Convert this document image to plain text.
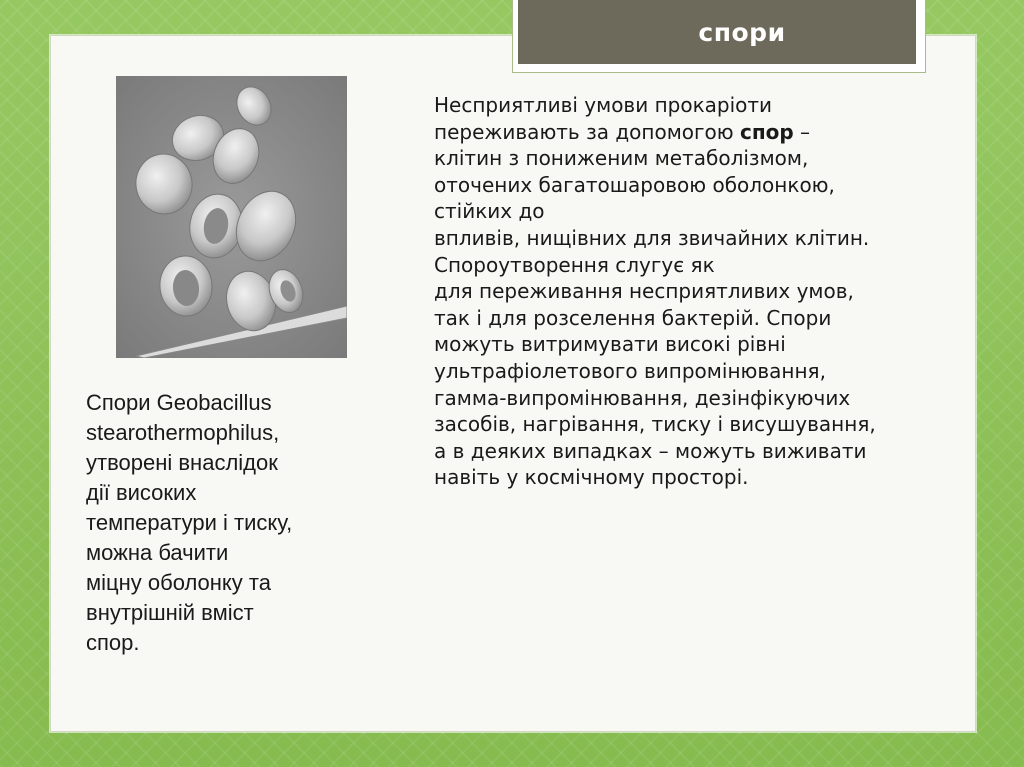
спори
Спори Geobacillus
stearothermophilus,
утворені внаслідок
дії високих
температури і тиску,
можна бачити
міцну оболонку та
внутрішній вміст
спор.
Несприятливі умови прокаріоти
переживають за допомогою спор –
клітин з пониженим метаболізмом,
оточених багатошаровою оболонкою,
стійких до
впливів, нищівних для звичайних клітин.
Спороутворення слугує як
для переживання несприятливих умов,
так і для розселення бактерій. Спори
можуть витримувати високі рівні
ультрафіолетового випромінювання,
гамма-випромінювання, дезінфікуючих
засобів, нагрівання, тиску і висушування,
а в деяких випадках – можуть виживати
навіть у космічному просторі.
